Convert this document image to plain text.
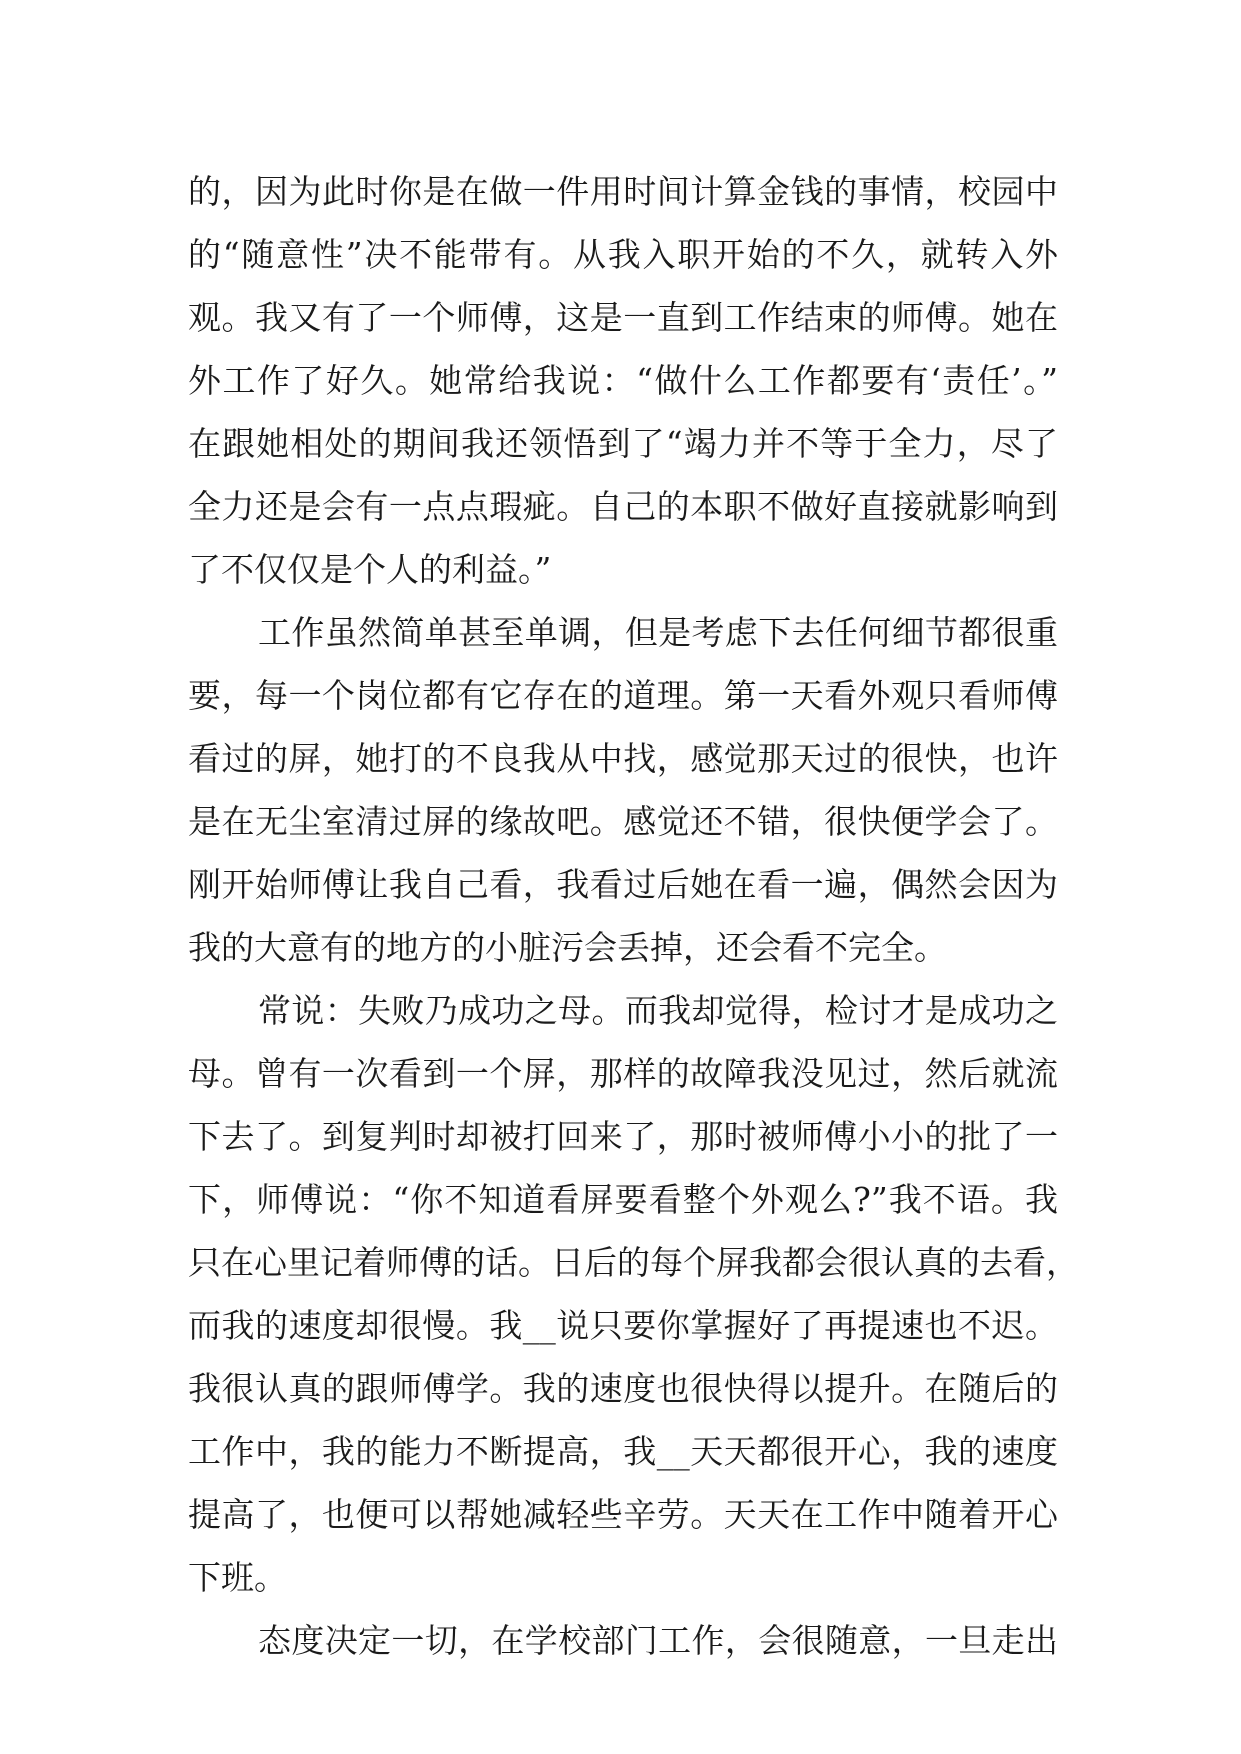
的，因为此时你是在做一件用时间计算金钱的事情，校园中
的“随意性”决不能带有。从我入职开始的不久，就转入外
观。我又有了一个师傅，这是一直到工作结束的师傅。她在
外工作了好久。她常给我说：“做什么工作都要有‘责任’。”
在跟她相处的期间我还领悟到了“竭力并不等于全力，尽了
全力还是会有一点点瑕疵。自己的本职不做好直接就影响到
了不仅仅是个人的利益。”
工作虽然简单甚至单调，但是考虑下去任何细节都很重
要，每一个岗位都有它存在的道理。第一天看外观只看师傅
看过的屏，她打的不良我从中找，感觉那天过的很快，也许
是在无尘室清过屏的缘故吧。感觉还不错，很快便学会了。
刚开始师傅让我自己看，我看过后她在看一遍，偶然会因为
我的大意有的地方的小脏污会丢掉，还会看不完全。
常说：失败乃成功之母。而我却觉得，检讨才是成功之
母。曾有一次看到一个屏，那样的故障我没见过，然后就流
下去了。到复判时却被打回来了，那时被师傅小小的批了一
下，师傅说：“你不知道看屏要看整个外观么?”我不语。我
只在心里记着师傅的话。日后的每个屏我都会很认真的去看，
而我的速度却很慢。我__说只要你掌握好了再提速也不迟。
我很认真的跟师傅学。我的速度也很快得以提升。在随后的
工作中，我的能力不断提高，我__天天都很开心，我的速度
提高了，也便可以帮她减轻些辛劳。天天在工作中随着开心
下班。
态度决定一切，在学校部门工作，会很随意，一旦走出
